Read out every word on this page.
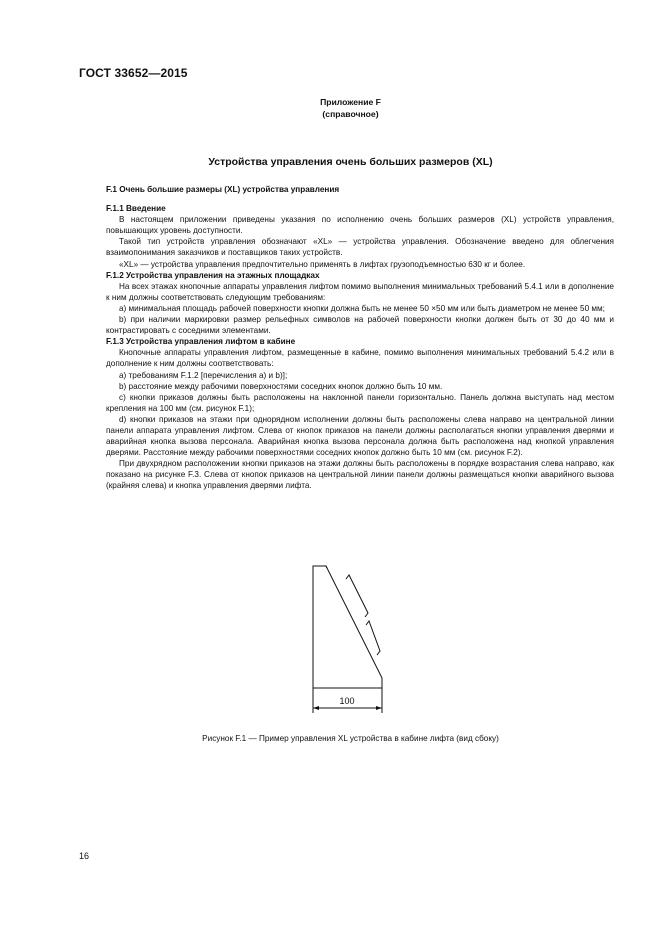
ГОСТ 33652—2015
Приложение F
(справочное)
Устройства управления очень больших размеров (XL)

F.1 Очень большие размеры (XL) устройства управления

F.1.1 Введение

В настоящем приложении приведены указания по исполнению очень больших размеров (XL) устройств управления, повышающих уровень доступности.

Такой тип устройств управления обозначают «XL» — устройства управления. Обозначение введено для облегчения взаимопонимания заказчиков и поставщиков таких устройств.

«XL» — устройства управления предпочтительно применять в лифтах грузоподъемностью 630 кг и более.

F.1.2 Устройства управления на этажных площадках

На всех этажах кнопочные аппараты управления лифтом помимо выполнения минимальных требований 5.4.1 или в дополнение к ним должны соответствовать следующим требованиям:

a) минимальная площадь рабочей поверхности кнопки должна быть не менее 50 ×50 мм или быть диаметром не менее 50 мм;

b) при наличии маркировки размер рельефных символов на рабочей поверхности кнопки должен быть от 30 до 40 мм и контрастировать с соседними элементами.

F.1.3 Устройства управления лифтом в кабине

Кнопочные аппараты управления лифтом, размещенные в кабине, помимо выполнения минимальных требований 5.4.2 или в дополнение к ним должны соответствовать:

a) требованиям F.1.2 [перечисления a) и b)];

b) расстояние между рабочими поверхностями соседних кнопок должно быть 10 мм.

c) кнопки приказов должны быть расположены на наклонной панели горизонтально. Панель должна выступать над местом крепления на 100 мм (см. рисунок F.1);

d) кнопки приказов на этажи при однорядном исполнении должны быть расположены слева направо на центральной линии панели аппарата управления лифтом. Слева от кнопок приказов на панели должны располагаться кнопки управления дверями и аварийная кнопка вызова персонала. Аварийная кнопка вызова персонала должна быть расположена над кнопкой управления дверями. Расстояние между рабочими поверхностями соседних кнопок должно быть 10 мм (см. рисунок F.2).

При двухрядном расположении кнопки приказов на этажи должны быть расположены в порядке возрастания слева направо, как показано на рисунке F.3. Слева от кнопок приказов на центральной линии панели должны размещаться кнопки аварийного вызова (крайняя слева) и кнопка управления дверями лифта.

100
Рисунок F.1 — Пример управления XL устройства в кабине лифта (вид сбоку)
16
